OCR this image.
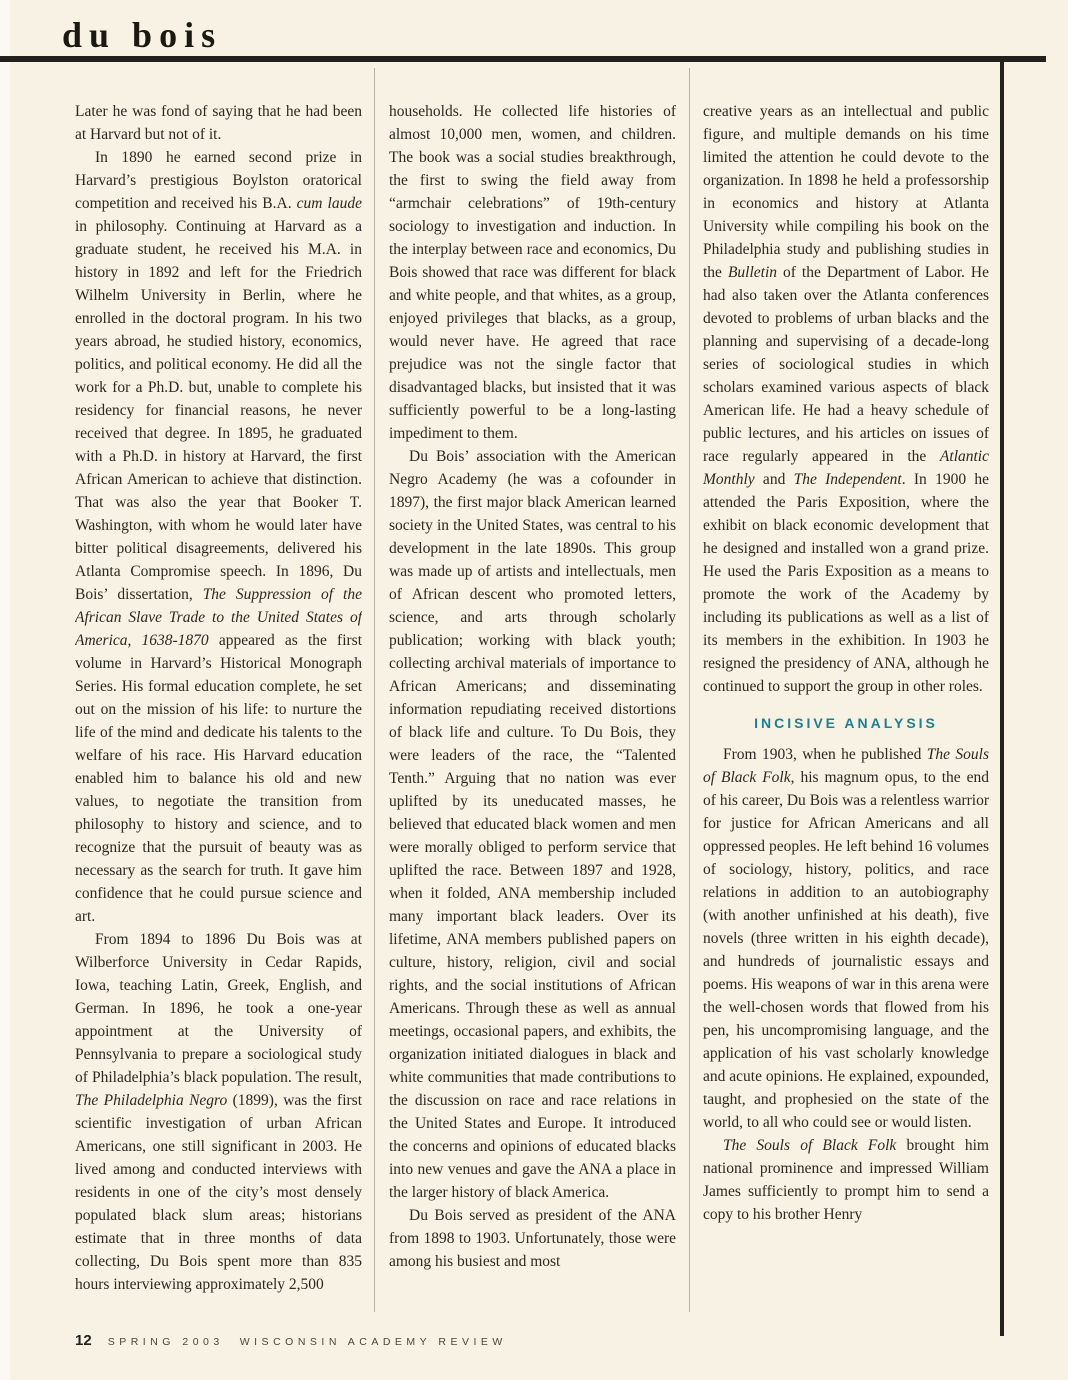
du bois

Later he was fond of saying that he had been at Harvard but not of it.

In 1890 he earned second prize in Harvard’s prestigious Boylston oratorical competition and received his B.A. cum laude in philosophy. Continuing at Harvard as a graduate student, he received his M.A. in history in 1892 and left for the Friedrich Wilhelm University in Berlin, where he enrolled in the doctoral program. In his two years abroad, he studied history, economics, politics, and political economy. He did all the work for a Ph.D. but, unable to complete his residency for financial reasons, he never received that degree. In 1895, he graduated with a Ph.D. in history at Harvard, the first African American to achieve that distinction. That was also the year that Booker T. Washington, with whom he would later have bitter political disagreements, delivered his Atlanta Compromise speech. In 1896, Du Bois’ dissertation, The Suppression of the African Slave Trade to the United States of America, 1638-1870 appeared as the first volume in Harvard’s Historical Monograph Series. His formal education complete, he set out on the mission of his life: to nurture the life of the mind and dedicate his talents to the welfare of his race. His Harvard education enabled him to balance his old and new values, to negotiate the transition from philosophy to history and science, and to recognize that the pursuit of beauty was as necessary as the search for truth. It gave him confidence that he could pursue science and art.

From 1894 to 1896 Du Bois was at Wilberforce University in Cedar Rapids, Iowa, teaching Latin, Greek, English, and German. In 1896, he took a one-year appointment at the University of Pennsylvania to prepare a sociological study of Philadelphia’s black population. The result, The Philadelphia Negro (1899), was the first scientific investigation of urban African Americans, one still significant in 2003. He lived among and conducted interviews with residents in one of the city’s most densely populated black slum areas; historians estimate that in three months of data collecting, Du Bois spent more than 835 hours interviewing approximately 2,500

households. He collected life histories of almost 10,000 men, women, and children. The book was a social studies breakthrough, the first to swing the field away from “armchair celebrations” of 19th-century sociology to investigation and induction. In the interplay between race and economics, Du Bois showed that race was different for black and white people, and that whites, as a group, enjoyed privileges that blacks, as a group, would never have. He agreed that race prejudice was not the single factor that disadvantaged blacks, but insisted that it was sufficiently powerful to be a long-lasting impediment to them.

Du Bois’ association with the American Negro Academy (he was a cofounder in 1897), the first major black American learned society in the United States, was central to his development in the late 1890s. This group was made up of artists and intellectuals, men of African descent who promoted letters, science, and arts through scholarly publication; working with black youth; collecting archival materials of importance to African Americans; and disseminating information repudiating received distortions of black life and culture. To Du Bois, they were leaders of the race, the “Talented Tenth.” Arguing that no nation was ever uplifted by its uneducated masses, he believed that educated black women and men were morally obliged to perform service that uplifted the race. Between 1897 and 1928, when it folded, ANA membership included many important black leaders. Over its lifetime, ANA members published papers on culture, history, religion, civil and social rights, and the social institutions of African Americans. Through these as well as annual meetings, occasional papers, and exhibits, the organization initiated dialogues in black and white communities that made contributions to the discussion on race and race relations in the United States and Europe. It introduced the concerns and opinions of educated blacks into new venues and gave the ANA a place in the larger history of black America.

Du Bois served as president of the ANA from 1898 to 1903. Unfortunately, those were among his busiest and most

creative years as an intellectual and public figure, and multiple demands on his time limited the attention he could devote to the organization. In 1898 he held a professorship in economics and history at Atlanta University while compiling his book on the Philadelphia study and publishing studies in the Bulletin of the Department of Labor. He had also taken over the Atlanta conferences devoted to problems of urban blacks and the planning and supervising of a decade-long series of sociological studies in which scholars examined various aspects of black American life. He had a heavy schedule of public lectures, and his articles on issues of race regularly appeared in the Atlantic Monthly and The Independent. In 1900 he attended the Paris Exposition, where the exhibit on black economic development that he designed and installed won a grand prize. He used the Paris Exposition as a means to promote the work of the Academy by including its publications as well as a list of its members in the exhibition. In 1903 he resigned the presidency of ANA, although he continued to support the group in other roles.

INCISIVE ANALYSIS

From 1903, when he published The Souls of Black Folk, his magnum opus, to the end of his career, Du Bois was a relentless warrior for justice for African Americans and all oppressed peoples. He left behind 16 volumes of sociology, history, politics, and race relations in addition to an autobiography (with another unfinished at his death), five novels (three written in his eighth decade), and hundreds of journalistic essays and poems. His weapons of war in this arena were the well-chosen words that flowed from his pen, his uncompromising language, and the application of his vast scholarly knowledge and acute opinions. He explained, expounded, taught, and prophesied on the state of the world, to all who could see or would listen.

The Souls of Black Folk brought him national prominence and impressed William James sufficiently to prompt him to send a copy to his brother Henry

12 SPRING 2003 WISCONSIN ACADEMY REVIEW
